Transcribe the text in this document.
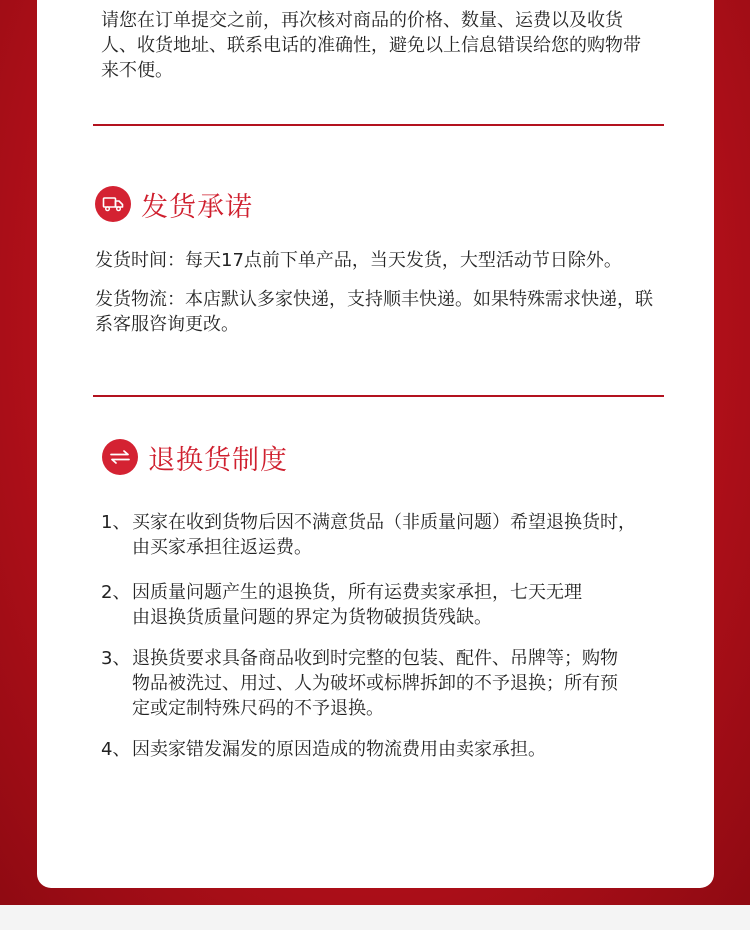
请您在订单提交之前，再次核对商品的价格、数量、运费以及收货人、收货地址、联系电话的准确性，避免以上信息错误给您的购物带来不便。
发货承诺
发货时间：每天17点前下单产品，当天发货，大型活动节日除外。
发货物流：本店默认多家快递，支持顺丰快递。如果特殊需求快递，联系客服咨询更改。
退换货制度
1、 买家在收到货物后因不满意货品（非质量问题）希望退换货时，
由买家承担往返运费。
2、 因质量问题产生的退换货，所有运费卖家承担，七天无理
由退换货质量问题的界定为货物破损货残缺。
3、 退换货要求具备商品收到时完整的包装、配件、吊牌等；购物
物品被洗过、用过、人为破坏或标牌拆卸的不予退换；所有预
定或定制特殊尺码的不予退换。
4、 因卖家错发漏发的原因造成的物流费用由卖家承担。
